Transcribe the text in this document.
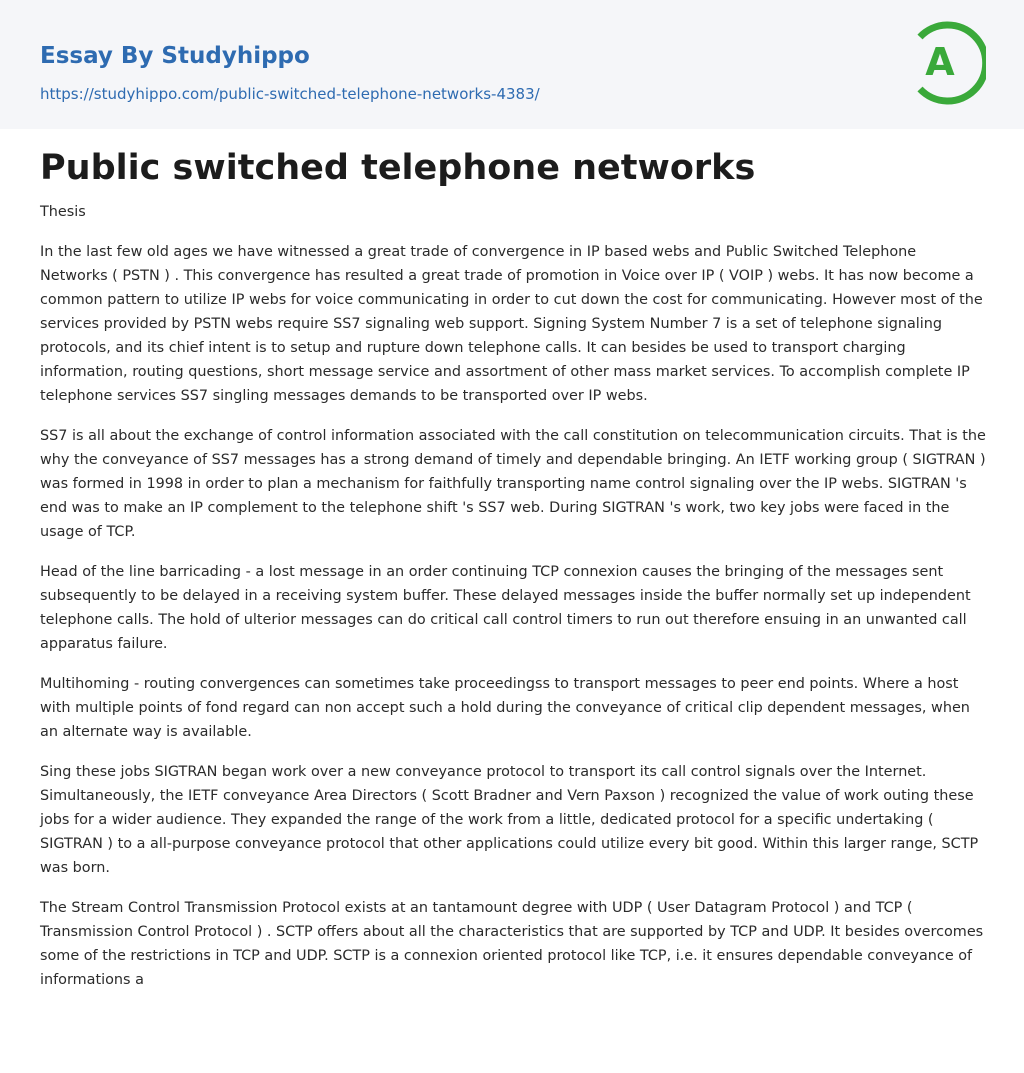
Essay By Studyhippo
https://studyhippo.com/public-switched-telephone-networks-4383/
A
Public switched telephone networks

Thesis

In the last few old ages we have witnessed a great trade of convergence in IP based webs and Public Switched Telephone Networks ( PSTN ) . This convergence has resulted a great trade of promotion in Voice over IP ( VOIP ) webs. It has now become a common pattern to utilize IP webs for voice communicating in order to cut down the cost for communicating. However most of the services provided by PSTN webs require SS7 signaling web support. Signing System Number 7 is a set of telephone signaling protocols, and its chief intent is to setup and rupture down telephone calls. It can besides be used to transport charging information, routing questions, short message service and assortment of other mass market services. To accomplish complete IP telephone services SS7 singling messages demands to be transported over IP webs.

SS7 is all about the exchange of control information associated with the call constitution on telecommunication circuits. That is the why the conveyance of SS7 messages has a strong demand of timely and dependable bringing. An IETF working group ( SIGTRAN ) was formed in 1998 in order to plan a mechanism for faithfully transporting name control signaling over the IP webs. SIGTRAN 's end was to make an IP complement to the telephone shift 's SS7 web. During SIGTRAN 's work, two key jobs were faced in the usage of TCP.

Head of the line barricading - a lost message in an order continuing TCP connexion causes the bringing of the messages sent subsequently to be delayed in a receiving system buffer. These delayed messages inside the buffer normally set up independent telephone calls. The hold of ulterior messages can do critical call control timers to run out therefore ensuing in an unwanted call apparatus failure.

Multihoming - routing convergences can sometimes take proceedingss to transport messages to peer end points. Where a host with multiple points of fond regard can non accept such a hold during the conveyance of critical clip dependent messages, when an alternate way is available.

Sing these jobs SIGTRAN began work over a new conveyance protocol to transport its call control signals over the Internet. Simultaneously, the IETF conveyance Area Directors ( Scott Bradner and Vern Paxson ) recognized the value of work outing these jobs for a wider audience. They expanded the range of the work from a little, dedicated protocol for a specific undertaking ( SIGTRAN ) to a all-purpose conveyance protocol that other applications could utilize every bit good. Within this larger range, SCTP was born.

The Stream Control Transmission Protocol exists at an tantamount degree with UDP ( User Datagram Protocol ) and TCP ( Transmission Control Protocol ) . SCTP offers about all the characteristics that are supported by TCP and UDP. It besides overcomes some of the restrictions in TCP and UDP. SCTP is a connexion oriented protocol like TCP, i.e. it ensures dependable conveyance of informations a
